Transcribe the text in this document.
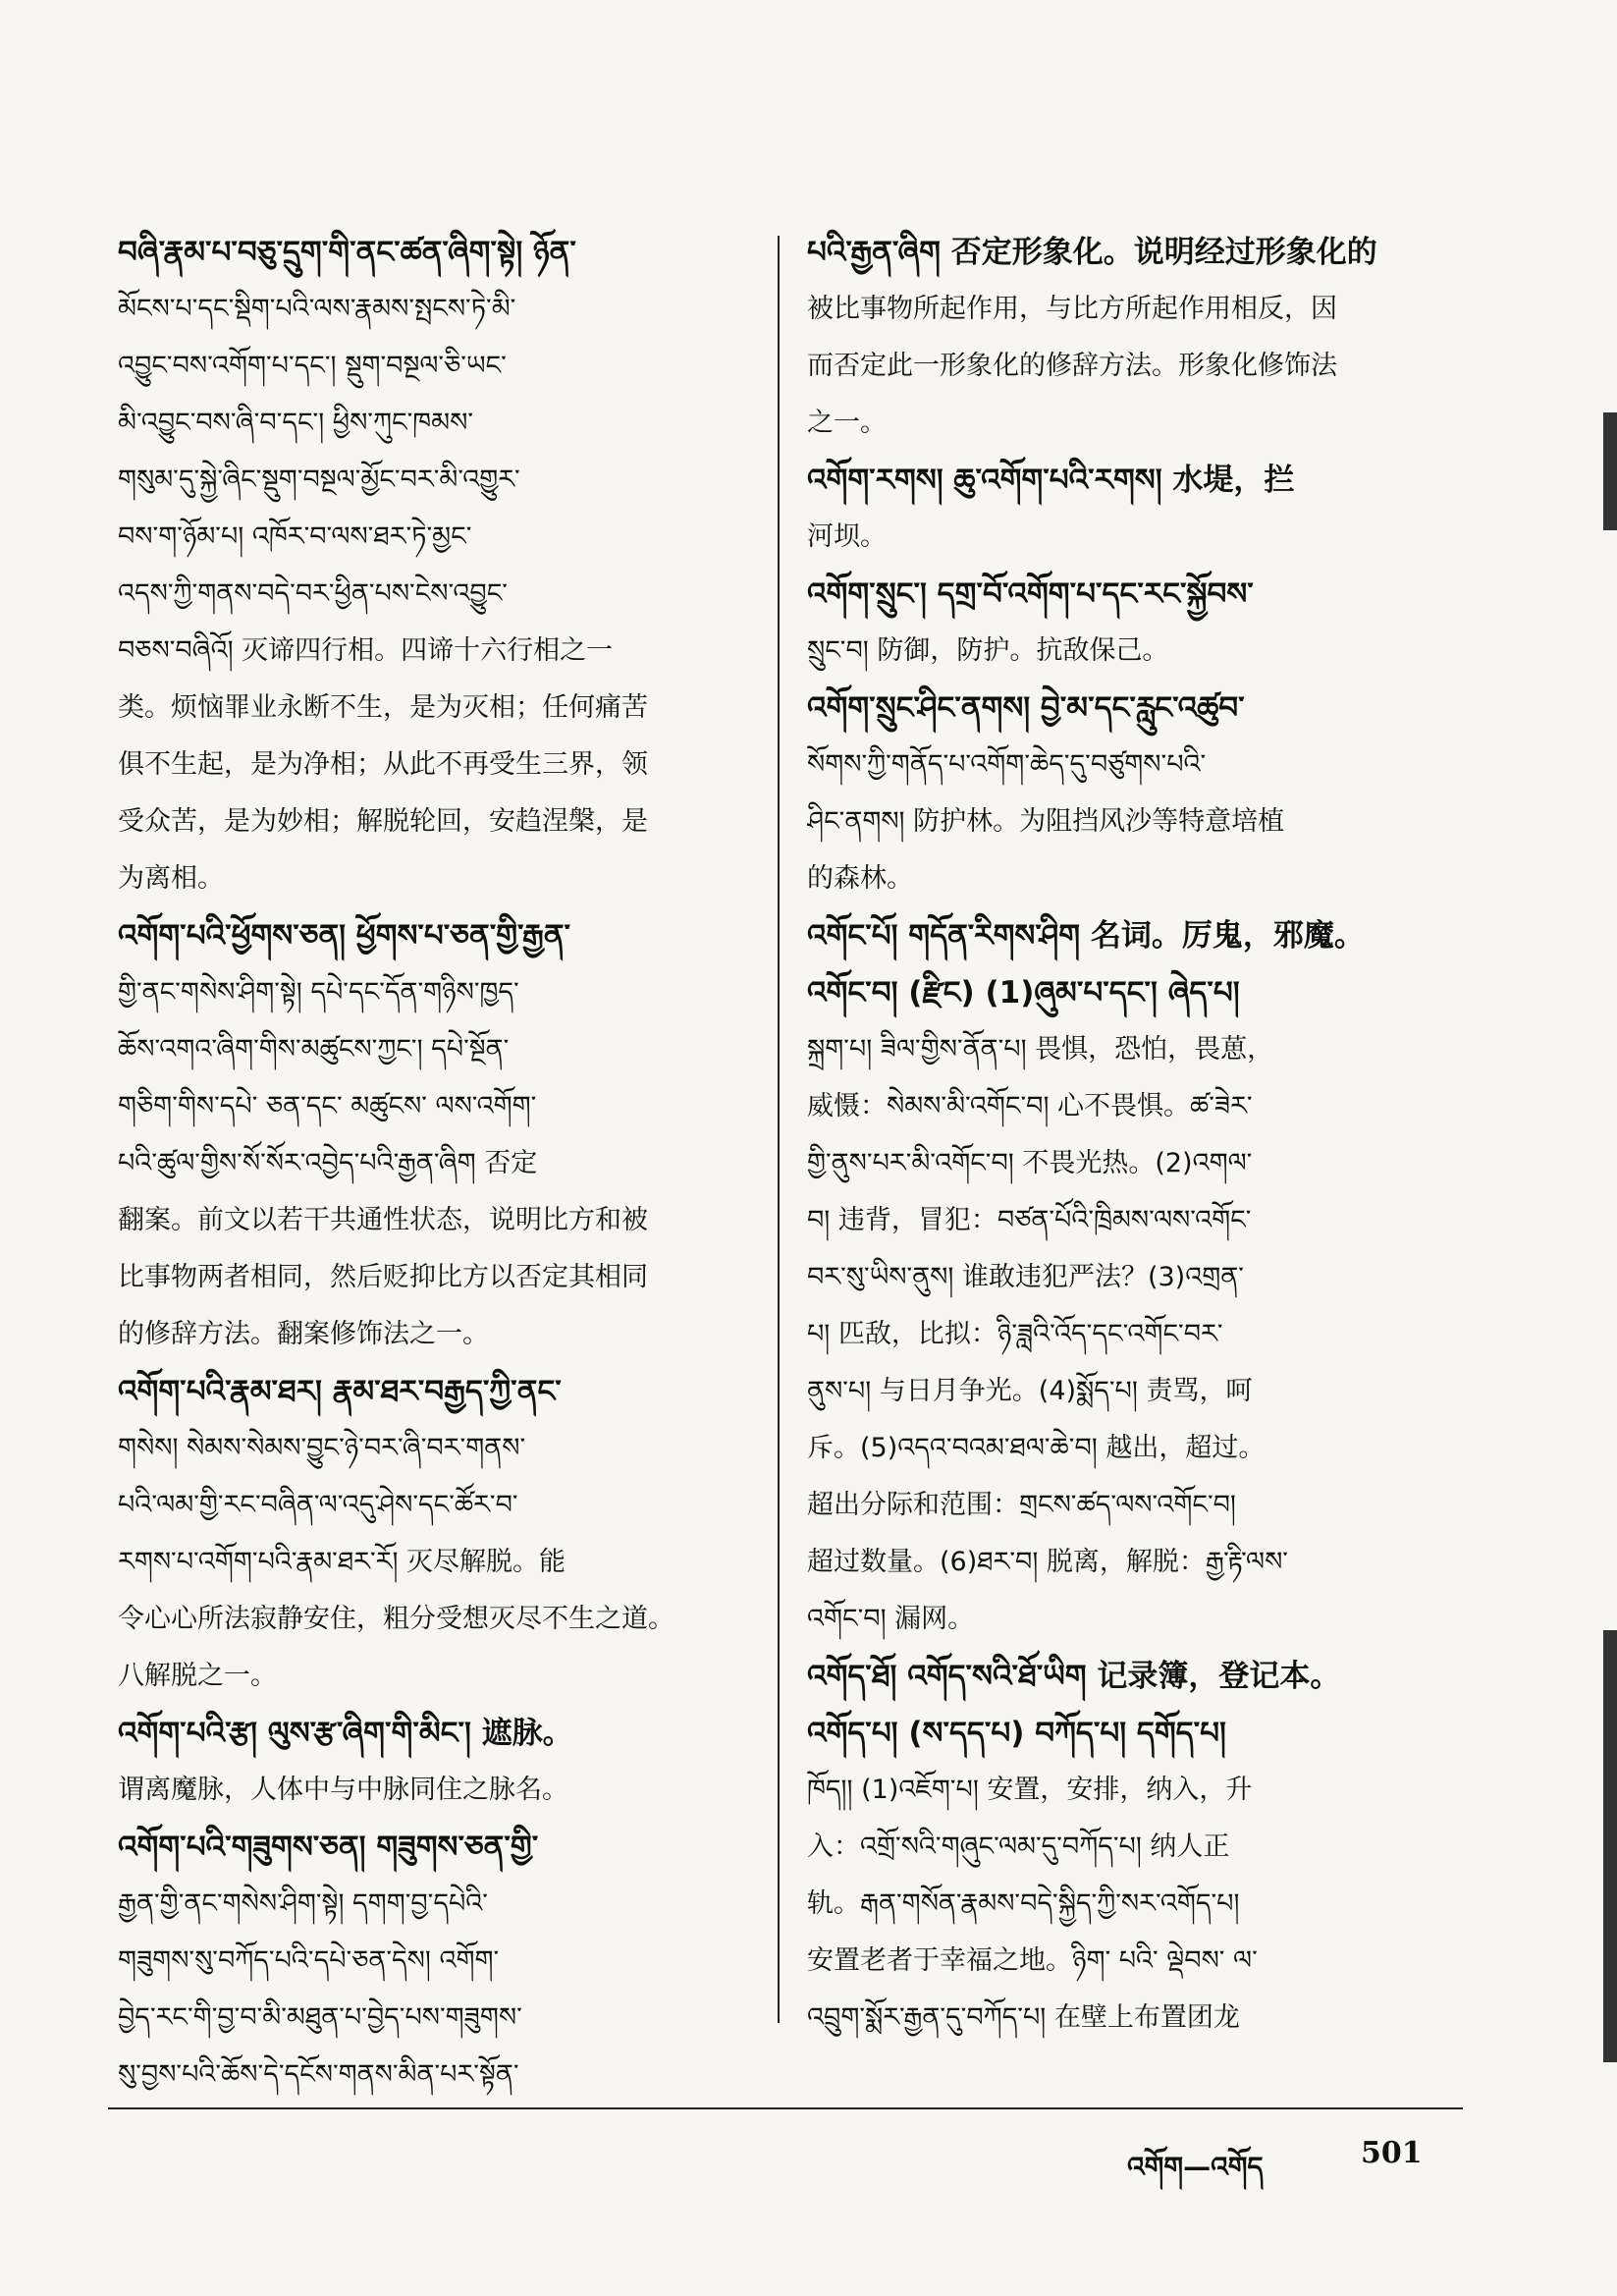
བཞི་རྣམ་པ་བཅུ་དྲུག་གི་ནང་ཚན་ཞིག་སྟེ། ཉོན་
མོངས་པ་དང་སྡིག་པའི་ལས་རྣམས་སྤངས་ཏེ་མི་
འབྱུང་བས་འགོག་པ་དང་། སྡུག་བསྔལ་ཅི་ཡང་
མི་འབྱུང་བས་ཞི་བ་དང་། ཕྱིས་ཀུང་ཁམས་
གསུམ་དུ་སྐྱེ་ཞིང་སྡུག་བསྔལ་མྱོང་བར་མི་འགྱུར་
བས་ག་ཉོམ་པ། འཁོར་བ་ལས་ཐར་ཏེ་མྱང་
འདས་ཀྱི་གནས་བདེ་བར་ཕྱིན་པས་ངེས་འབྱུང་
བཅས་བཞིའོ། 灭谛四行相。四谛十六行相之一
类。烦恼罪业永断不生，是为灭相；任何痛苦
俱不生起，是为净相；从此不再受生三界，领
受众苦，是为妙相；解脱轮回，安趋涅槃，是
为离相。
འགོག་པའི་ཕྱོགས་ཅན། ཕྱོགས་པ་ཅན་གྱི་རྒྱན་
གྱི་ནང་གསེས་ཤིག་སྟེ། དཔེ་དང་དོན་གཉིས་ཁྱད་
ཆོས་འགའ་ཞིག་གིས་མཚུངས་ཀྱང་། དཔེ་སྔོན་
གཅིག་གིས་དཔེ་ ཅན་དང་ མཚུངས་ ལས་འགོག་
པའི་ཚུལ་གྱིས་སོ་སོར་འབྱེད་པའི་རྒྱན་ཞིག 否定
翻案。前文以若干共通性状态，说明比方和被
比事物两者相同，然后贬抑比方以否定其相同
的修辞方法。翻案修饰法之一。
འགོག་པའི་རྣམ་ཐར། རྣམ་ཐར་བརྒྱད་ཀྱི་ནང་
གསེས། སེམས་སེམས་བྱུང་ཉེ་བར་ཞི་བར་གནས་
པའི་ལམ་གྱི་རང་བཞིན་ལ་འདུ་ཤེས་དང་ཚོར་བ་
རགས་པ་འགོག་པའི་རྣམ་ཐར་རོ། 灭尽解脱。能
令心心所法寂静安住，粗分受想灭尽不生之道。
八解脱之一。
འགོག་པའི་རྩ། ལུས་རྩ་ཞིག་གི་མིང་། 遮脉。
谓离魔脉，人体中与中脉同住之脉名。
འགོག་པའི་གཟུགས་ཅན། གཟུགས་ཅན་གྱི་
རྒྱན་གྱི་ནང་གསེས་ཤིག་སྟེ། དགག་བྱ་དཔེའི་
གཟུགས་སུ་བཀོད་པའི་དཔེ་ཅན་དེས། འགོག་
བྱེད་རང་གི་བྱ་བ་མི་མཐུན་པ་བྱེད་པས་གཟུགས་
སུ་བྱས་པའི་ཆོས་དེ་དངོས་གནས་མིན་པར་སྟོན་
པའི་རྒྱན་ཞིག 否定形象化。说明经过形象化的
被比事物所起作用，与比方所起作用相反，因
而否定此一形象化的修辞方法。形象化修饰法
之一。
འགོག་རགས། ཆུ་འགོག་པའི་རགས། 水堤，拦
河坝。
འགོག་སྲུང་། དགྲ་བོ་འགོག་པ་དང་རང་སྐྱོབས་
སྲུང་བ། 防御，防护。抗敌保己。
འགོག་སྲུང་ཤིང་ནགས། བྱེ་མ་དང་རླུང་འཚུབ་
སོགས་ཀྱི་གནོད་པ་འགོག་ཆེད་དུ་བཙུགས་པའི་
ཤིང་ནགས། 防护林。为阻挡风沙等特意培植
的森林。
འགོང་པོ། གདོན་རིགས་ཤིག 名词。厉鬼，邪魔。
འགོང་བ། (རྫིང) (1)ཞུམ་པ་དང་། ཞེད་པ།
སྐྲག་པ། ཟིལ་གྱིས་ནོན་པ། 畏惧，恐怕，畏葸，
威慑：སེམས་མི་འགོང་བ། 心不畏惧。ཚ་ཟེར་
གྱི་ནུས་པར་མི་འགོང་བ། 不畏光热。(2)འགལ་
བ། 违背，冒犯：བཙན་པོའི་ཁྲིམས་ལས་འགོང་
བར་སུ་ཡིས་ནུས། 谁敢违犯严法？(3)འགྲན་
པ། 匹敌，比拟：ཉི་ཟླའི་འོད་དང་འགོང་བར་
ནུས་པ། 与日月争光。(4)སྨོད་པ། 责骂，呵
斥。(5)འདའ་བའམ་ཐལ་ཆེ་བ། 越出，超过。
超出分际和范围：གྲངས་ཚད་ལས་འགོང་བ།
超过数量。(6)ཐར་བ། 脱离，解脱：རྒྱ་རྟི་ལས་
འགོང་བ། 漏网。
འགོད་ཐོ། འགོད་སའི་ཐོ་ཡིག 记录簿，登记本。
འགོད་པ། (ས་དད་པ) བཀོད་པ། དགོད་པ།
ཁོད།། (1)འཇོག་པ། 安置，安排，纳入，升
入：འགྲོ་སའི་གཞུང་ལམ་དུ་བཀོད་པ། 纳人正
轨。རྒན་གསོན་རྣམས་བདེ་སྐྱིད་ཀྱི་སར་འགོད་པ།
安置老者于幸福之地。ཉིག་ པའི་ ལྡེབས་ ལ་
འབྲུག་སྨོར་རྒྱན་དུ་བཀོད་པ། 在壁上布置团龙
འགོག—འགོད	501
